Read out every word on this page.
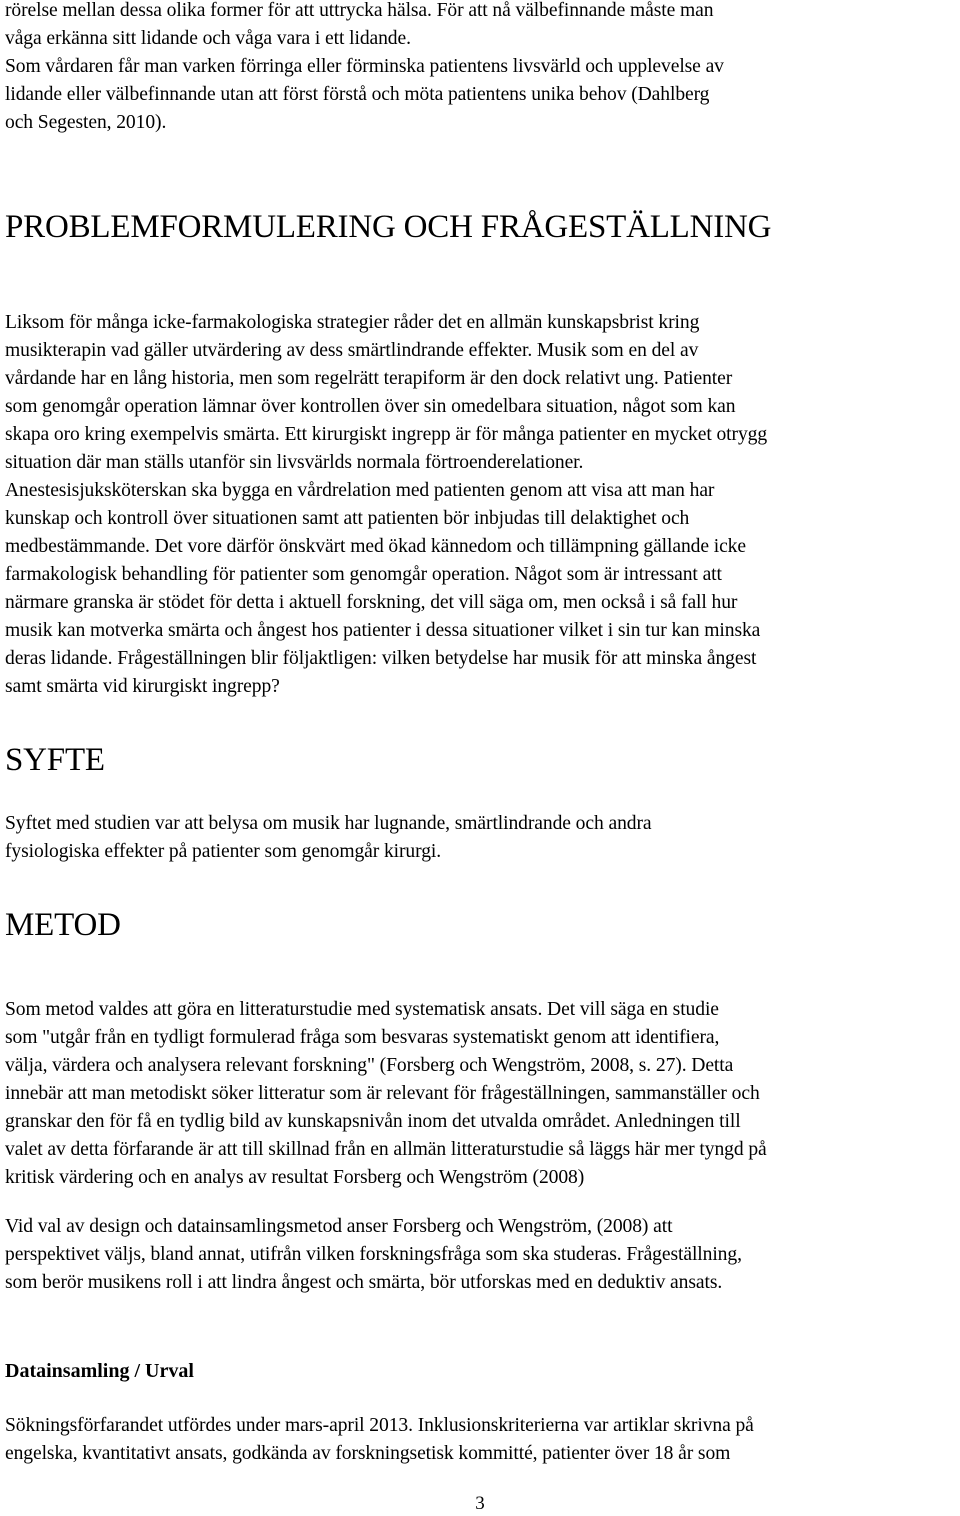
rörelse mellan dessa olika former för att uttrycka hälsa. För att nå välbefinnande måste man
våga erkänna sitt lidande och våga vara i ett lidande.
Som vårdaren får man varken förringa eller förminska patientens livsvärld och upplevelse av
lidande eller välbefinnande utan att först förstå och möta patientens unika behov (Dahlberg
och Segesten, 2010).
PROBLEMFORMULERING OCH FRÅGESTÄLLNING
Liksom för många icke-farmakologiska strategier råder det en allmän kunskapsbrist kring
musikterapin vad gäller utvärdering av dess smärtlindrande effekter. Musik som en del av
vårdande har en lång historia, men som regelrätt terapiform är den dock relativt ung. Patienter
som genomgår operation lämnar över kontrollen över sin omedelbara situation, något som kan
skapa oro kring exempelvis smärta. Ett kirurgiskt ingrepp är för många patienter en mycket otrygg
situation där man ställs utanför sin livsvärlds normala förtroenderelationer.
Anestesisjuksköterskan ska bygga en vårdrelation med patienten genom att visa att man har
kunskap och kontroll över situationen samt att patienten bör inbjudas till delaktighet och
medbestämmande. Det vore därför önskvärt med ökad kännedom och tillämpning gällande icke
farmakologisk behandling för patienter som genomgår operation. Något som är intressant att
närmare granska är stödet för detta i aktuell forskning, det vill säga om, men också i så fall hur
musik kan motverka smärta och ångest hos patienter i dessa situationer vilket i sin tur kan minska
deras lidande. Frågeställningen blir följaktligen: vilken betydelse har musik för att minska ångest
samt smärta vid kirurgiskt ingrepp?
SYFTE
Syftet med studien var att belysa om musik har lugnande, smärtlindrande och andra
fysiologiska effekter på patienter som genomgår kirurgi.
METOD
Som metod valdes att göra en litteraturstudie med systematisk ansats. Det vill säga en studie
som "utgår från en tydligt formulerad fråga som besvaras systematiskt genom att identifiera,
välja, värdera och analysera relevant forskning" (Forsberg och Wengström, 2008, s. 27). Detta
innebär att man metodiskt söker litteratur som är relevant för frågeställningen, sammanställer och
granskar den för få en tydlig bild av kunskapsnivån inom det utvalda området. Anledningen till
valet av detta förfarande är att till skillnad från en allmän litteraturstudie så läggs här mer tyngd på
kritisk värdering och en analys av resultat Forsberg och Wengström (2008)
Vid val av design och datainsamlingsmetod anser Forsberg och Wengström, (2008) att
perspektivet väljs, bland annat, utifrån vilken forskningsfråga som ska studeras. Frågeställning,
som berör musikens roll i att lindra ångest och smärta, bör utforskas med en deduktiv ansats.
Datainsamling / Urval
Sökningsförfarandet utfördes under mars-april 2013. Inklusionskriterierna var artiklar skrivna på
engelska, kvantitativt ansats, godkända av forskningsetisk kommitté, patienter över 18 år som
3
